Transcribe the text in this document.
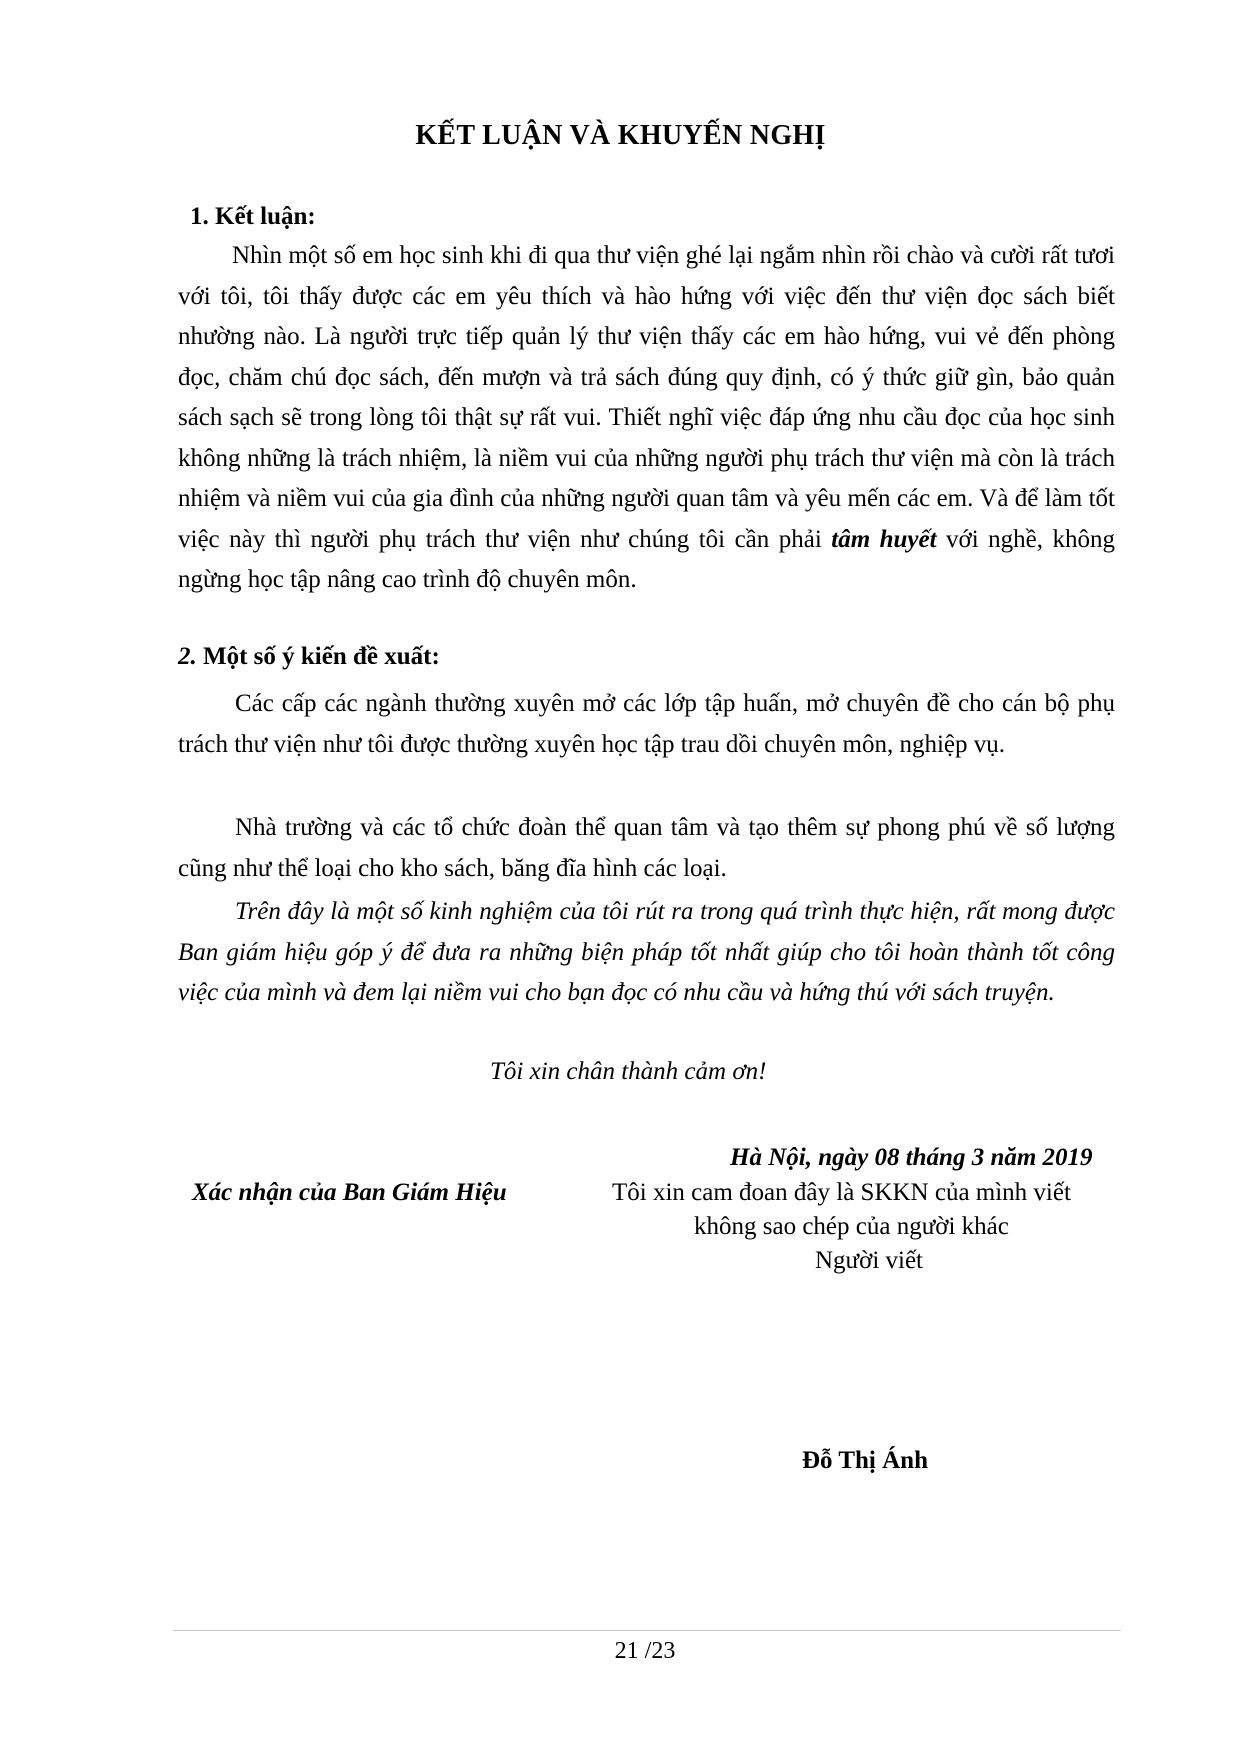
KẾT LUẬN VÀ KHUYẾN NGHỊ
1. Kết luận:
Nhìn một số em học sinh khi đi qua thư viện ghé lại ngắm nhìn rồi chào và cười rất tươi với tôi, tôi thấy được các em yêu thích và hào hứng với việc đến thư viện đọc sách biết nhường nào. Là người trực tiếp quản lý thư viện thấy các em hào hứng, vui vẻ đến phòng đọc, chăm chú đọc sách, đến mượn và trả sách đúng quy định, có ý thức giữ gìn, bảo quản sách sạch sẽ trong lòng tôi thật sự rất vui. Thiết nghĩ việc đáp ứng nhu cầu đọc của học sinh không những là trách nhiệm, là niềm vui của những người phụ trách thư viện mà còn là trách nhiệm và niềm vui của gia đình của những người quan tâm và yêu mến các em. Và để làm tốt việc này thì người phụ trách thư viện như chúng tôi cần phải tâm huyết với nghề, không ngừng học tập nâng cao trình độ chuyên môn.
2. Một số ý kiến đề xuất:
Các cấp các ngành thường xuyên mở các lớp tập huấn, mở chuyên đề cho cán bộ phụ trách thư viện như tôi được thường xuyên học tập trau dồi chuyên môn, nghiệp vụ.
Nhà trường và các tổ chức đoàn thể quan tâm và tạo thêm sự phong phú về số lượng cũng như thể loại cho kho sách, băng đĩa hình các loại.
Trên đây là một số kinh nghiệm của tôi rút ra trong quá trình thực hiện, rất mong được Ban giám hiệu góp ý để đưa ra những biện pháp tốt nhất giúp cho tôi hoàn thành tốt công việc của mình và đem lại niềm vui cho bạn đọc có nhu cầu và hứng thú với sách truyện.
Tôi xin chân thành cảm ơn!
Hà Nội, ngày 08 tháng 3 năm 2019
Xác nhận của Ban Giám Hiệu	Tôi xin cam đoan đây là SKKN của mình viết
không sao chép của người khác
Người viết
Đỗ Thị Ánh
21 /23
